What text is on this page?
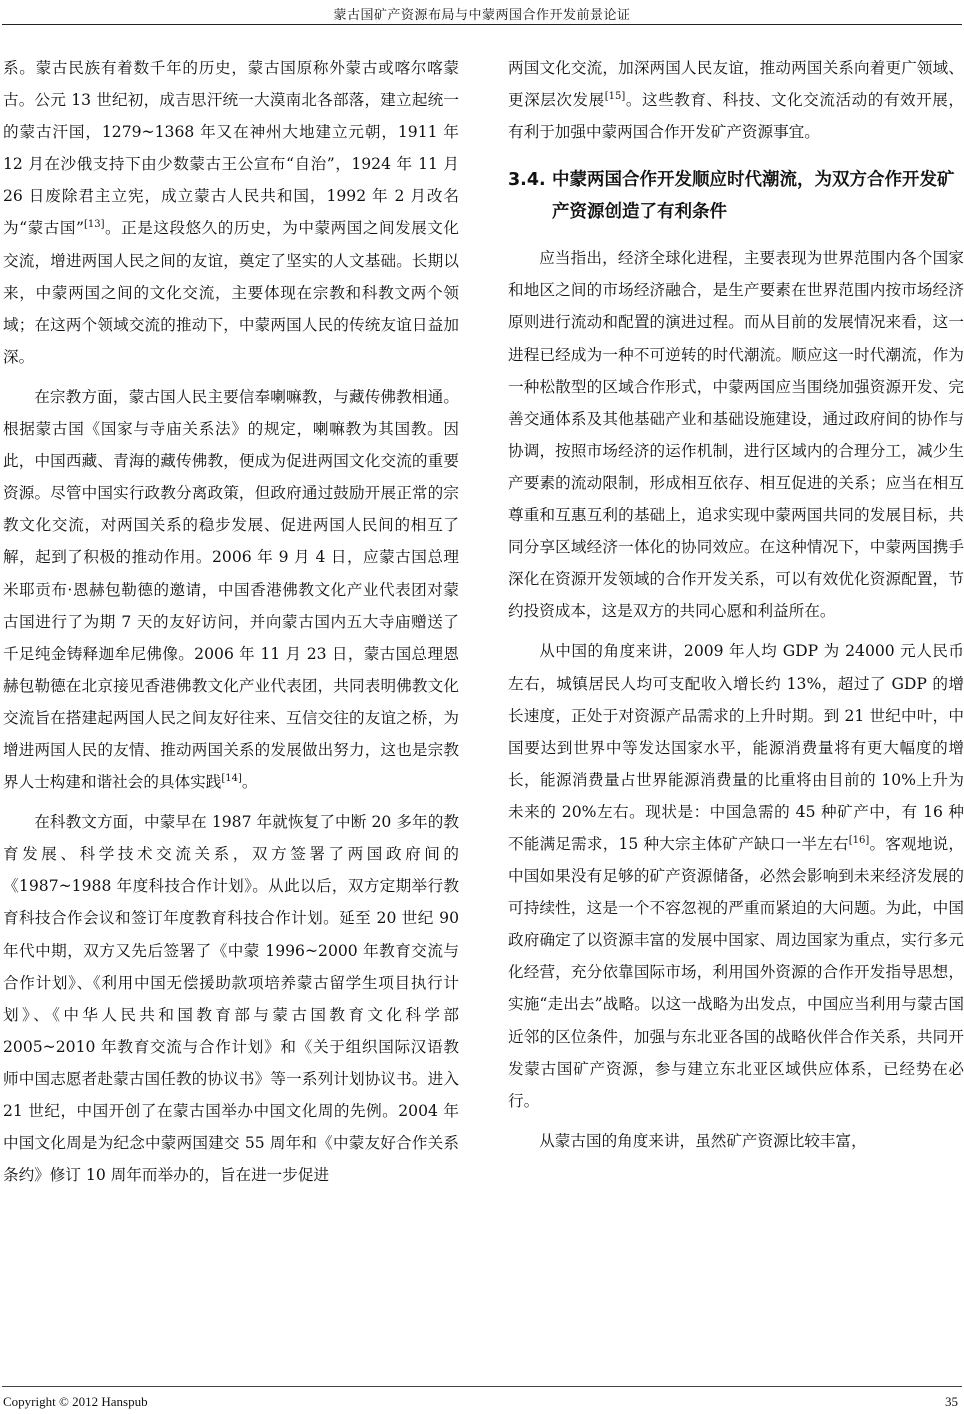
蒙古国矿产资源布局与中蒙两国合作开发前景论证

系。蒙古民族有着数千年的历史，蒙古国原称外蒙古或喀尔喀蒙古。公元 13 世纪初，成吉思汗统一大漠南北各部落，建立起统一的蒙古汗国，1279~1368 年又在神州大地建立元朝，1911 年 12 月在沙俄支持下由少数蒙古王公宣布“自治”，1924 年 11 月 26 日废除君主立宪，成立蒙古人民共和国，1992 年 2 月改名为“蒙古国”[13]。正是这段悠久的历史，为中蒙两国之间发展文化交流，增进两国人民之间的友谊，奠定了坚实的人文基础。长期以来，中蒙两国之间的文化交流，主要体现在宗教和科教文两个领域；在这两个领域交流的推动下，中蒙两国人民的传统友谊日益加深。

在宗教方面，蒙古国人民主要信奉喇嘛教，与藏传佛教相通。根据蒙古国《国家与寺庙关系法》的规定，喇嘛教为其国教。因此，中国西藏、青海的藏传佛教，便成为促进两国文化交流的重要资源。尽管中国实行政教分离政策，但政府通过鼓励开展正常的宗教文化交流，对两国关系的稳步发展、促进两国人民间的相互了解，起到了积极的推动作用。2006 年 9 月 4 日，应蒙古国总理米耶贡布·恩赫包勒德的邀请，中国香港佛教文化产业代表团对蒙古国进行了为期 7 天的友好访问，并向蒙古国内五大寺庙赠送了千足纯金铸释迦牟尼佛像。2006 年 11 月 23 日，蒙古国总理恩赫包勒德在北京接见香港佛教文化产业代表团，共同表明佛教文化交流旨在搭建起两国人民之间友好往来、互信交往的友谊之桥，为增进两国人民的友情、推动两国关系的发展做出努力，这也是宗教界人士构建和谐社会的具体实践[14]。

在科教文方面，中蒙早在 1987 年就恢复了中断 20 多年的教育发展、科学技术交流关系，双方签署了两国政府间的《1987~1988 年度科技合作计划》。从此以后，双方定期举行教育科技合作会议和签订年度教育科技合作计划。延至 20 世纪 90 年代中期，双方又先后签署了《中蒙 1996~2000 年教育交流与合作计划》、《利用中国无偿援助款项培养蒙古留学生项目执行计划》、《中华人民共和国教育部与蒙古国教育文化科学部 2005~2010 年教育交流与合作计划》和《关于组织国际汉语教师中国志愿者赴蒙古国任教的协议书》等一系列计划协议书。进入 21 世纪，中国开创了在蒙古国举办中国文化周的先例。2004 年中国文化周是为纪念中蒙两国建交 55 周年和《中蒙友好合作关系条约》修订 10 周年而举办的，旨在进一步促进

两国文化交流，加深两国人民友谊，推动两国关系向着更广领域、更深层次发展[15]。这些教育、科技、文化交流活动的有效开展，有利于加强中蒙两国合作开发矿产资源事宜。

3.4. 中蒙两国合作开发顺应时代潮流，为双方合作开发矿产资源创造了有利条件

应当指出，经济全球化进程，主要表现为世界范围内各个国家和地区之间的市场经济融合，是生产要素在世界范围内按市场经济原则进行流动和配置的演进过程。而从目前的发展情况来看，这一进程已经成为一种不可逆转的时代潮流。顺应这一时代潮流，作为一种松散型的区域合作形式，中蒙两国应当围绕加强资源开发、完善交通体系及其他基础产业和基础设施建设，通过政府间的协作与协调，按照市场经济的运作机制，进行区域内的合理分工，减少生产要素的流动限制，形成相互依存、相互促进的关系；应当在相互尊重和互惠互利的基础上，追求实现中蒙两国共同的发展目标，共同分享区域经济一体化的协同效应。在这种情况下，中蒙两国携手深化在资源开发领域的合作开发关系，可以有效优化资源配置，节约投资成本，这是双方的共同心愿和利益所在。

从中国的角度来讲，2009 年人均 GDP 为 24000 元人民币左右，城镇居民人均可支配收入增长约 13%，超过了 GDP 的增长速度，正处于对资源产品需求的上升时期。到 21 世纪中叶，中国要达到世界中等发达国家水平，能源消费量将有更大幅度的增长，能源消费量占世界能源消费量的比重将由目前的 10%上升为未来的 20%左右。现状是：中国急需的 45 种矿产中，有 16 种不能满足需求，15 种大宗主体矿产缺口一半左右[16]。客观地说，中国如果没有足够的矿产资源储备，必然会影响到未来经济发展的可持续性，这是一个不容忽视的严重而紧迫的大问题。为此，中国政府确定了以资源丰富的发展中国家、周边国家为重点，实行多元化经营，充分依靠国际市场，利用国外资源的合作开发指导思想，实施“走出去”战略。以这一战略为出发点，中国应当利用与蒙古国近邻的区位条件，加强与东北亚各国的战略伙伴合作关系，共同开发蒙古国矿产资源，参与建立东北亚区域供应体系，已经势在必行。

从蒙古国的角度来讲，虽然矿产资源比较丰富，

Copyright © 2012 Hanspub	35
